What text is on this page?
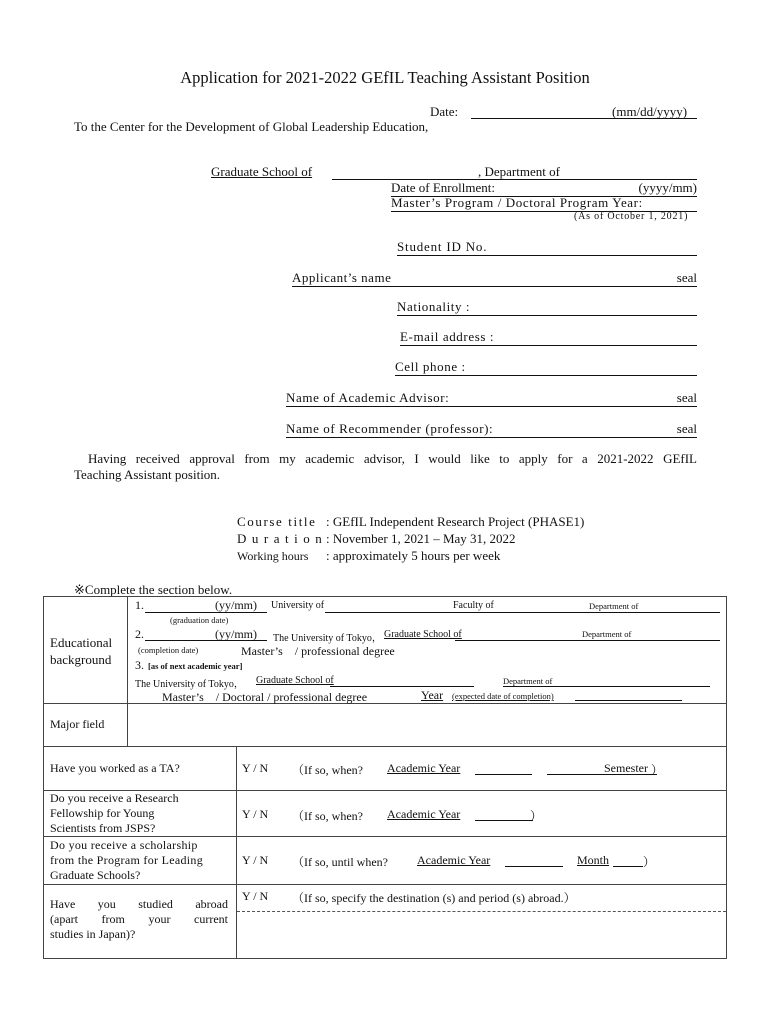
Application for 2021-2022 GEfIL Teaching Assistant Position
Date:	(mm/dd/yyyy)
To the Center for the Development of Global Leadership Education,
Graduate School of	, Department of
Date of Enrollment:	(yyyy/mm)
Master’s Program / Doctoral Program Year:
(As of October 1, 2021)
Student ID No.
Applicant’s name	seal
Nationality :
E-mail address :
Cell phone :
Name of Academic Advisor:	seal
Name of Recommender (professor):	seal
Having received approval from my academic advisor, I would like to apply for a 2021-2022 GEfIL
Teaching Assistant position.
Course title : GEfIL Independent Research Project (PHASE1)
Duration
: November 1, 2021 – May 31, 2022
Working hours : approximately 5 hours per week
※Complete the section below.
Educational
background
1.	(yy/mm) University of	Faculty of	Department of
(graduation date)
2.	(yy/mm) The University of Tokyo， Graduate School of	Department of
(completion date)	Master’s　/ professional degree
3. [as of next academic year]
The University of Tokyo， Graduate School of	Department of
Master’s　/ Doctoral / professional degree	Year (expected date of completion)
Major field
Have you worked as a TA?	Y / N （If so, when? Academic Year	Semester ）
Do you receive a Research
Fellowship for Young
Scientists from JSPS?
Y / N （If so, when? Academic Year	）
Do you receive a scholarship
from the Program for Leading
Graduate Schools?
Y / N （If so, until when? Academic Year	Month	）
Have you studied abroad
(apart from your current
studies in Japan)?
Y / N （If so, specify the destination (s) and period (s) abroad.）
